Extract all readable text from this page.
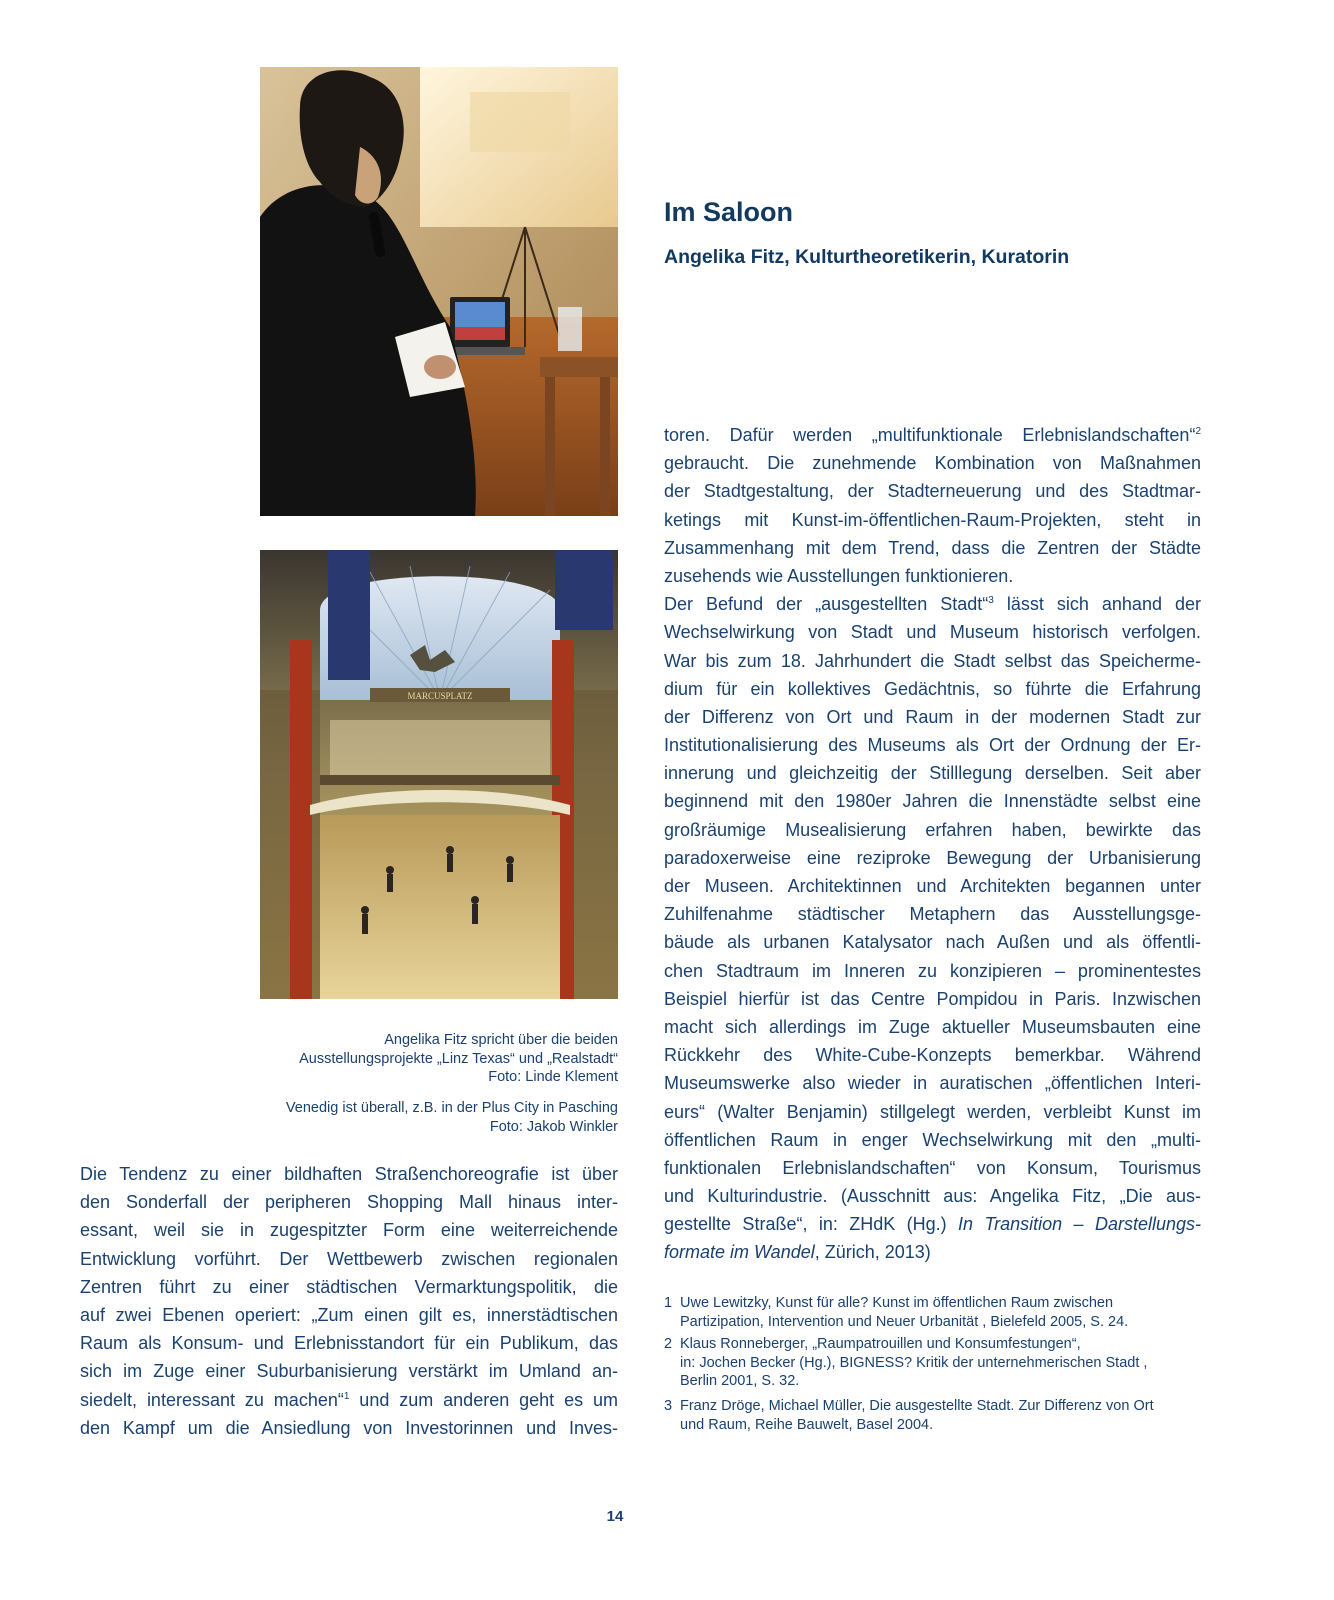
MARCUSPLATZ
Angelika Fitz spricht über die beiden
Ausstellungsprojekte „Linz Texas“ und „Realstadt“
Foto: Linde Klement
Venedig ist überall, z.B. in der Plus City in Pasching
Foto: Jakob Winkler
Im Saloon
Angelika Fitz, Kulturtheoretikerin, Kuratorin
Die Tendenz zu einer bildhaften Straßenchoreografie ist über
den Sonderfall der peripheren Shopping Mall hinaus inter-
essant, weil sie in zugespitzter Form eine weiterreichende
Entwicklung vorführt. Der Wettbewerb zwischen regionalen
Zentren führt zu einer städtischen Vermarktungspolitik, die
auf zwei Ebenen operiert: „Zum einen gilt es, innerstädtischen
Raum als Konsum- und Erlebnisstandort für ein Publikum, das
sich im Zuge einer Suburbanisierung verstärkt im Umland an-
siedelt, interessant zu machen“$^1$ und zum anderen geht es um
den Kampf um die Ansiedlung von Investorinnen und Inves-
toren. Dafür werden „multifunktionale Erlebnislandschaften“$^2$
gebraucht. Die zunehmende Kombination von Maßnahmen
der Stadtgestaltung, der Stadterneuerung und des Stadtmar-
ketings mit Kunst-im-öffentlichen-Raum-Projekten, steht in
Zusammenhang mit dem Trend, dass die Zentren der Städte
zusehends wie Ausstellungen funktionieren.
Der Befund der „ausgestellten Stadt“$^3$ lässt sich anhand der
Wechselwirkung von Stadt und Museum historisch verfolgen.
War bis zum 18. Jahrhundert die Stadt selbst das Speicherme-
dium für ein kollektives Gedächtnis, so führte die Erfahrung
der Differenz von Ort und Raum in der modernen Stadt zur
Institutionalisierung des Museums als Ort der Ordnung der Er-
innerung und gleichzeitig der Stilllegung derselben. Seit aber
beginnend mit den 1980er Jahren die Innenstädte selbst eine
großräumige Musealisierung erfahren haben, bewirkte das
paradoxerweise eine reziproke Bewegung der Urbanisierung
der Museen. Architektinnen und Architekten begannen unter
Zuhilfenahme städtischer Metaphern das Ausstellungsge-
bäude als urbanen Katalysator nach Außen und als öffentli-
chen Stadtraum im Inneren zu konzipieren – prominentestes
Beispiel hierfür ist das Centre Pompidou in Paris. Inzwischen
macht sich allerdings im Zuge aktueller Museumsbauten eine
Rückkehr des White-Cube-Konzepts bemerkbar. Während
Museumswerke also wieder in auratischen „öffentlichen Interi-
eurs“ (Walter Benjamin) stillgelegt werden, verbleibt Kunst im
öffentlichen Raum in enger Wechselwirkung mit den „multi-
funktionalen Erlebnislandschaften“ von Konsum, Tourismus
und Kulturindustrie. (Ausschnitt aus: Angelika Fitz, „Die aus-
gestellte Straße“, in: ZHdK (Hg.) In Transition – Darstellungs-
formate im Wandel, Zürich, 2013)
1 Uwe Lewitzky, Kunst für alle? Kunst im öffentlichen Raum zwischen
Partizipation, Intervention und Neuer Urbanität , Bielefeld 2005, S. 24.
2 Klaus Ronneberger, „Raumpatrouillen und Konsumfestungen“,
in: Jochen Becker (Hg.), BIGNESS? Kritik der unternehmerischen Stadt ,
Berlin 2001, S. 32.
3 Franz Dröge, Michael Müller, Die ausgestellte Stadt. Zur Differenz von Ort
und Raum, Reihe Bauwelt, Basel 2004.
14
